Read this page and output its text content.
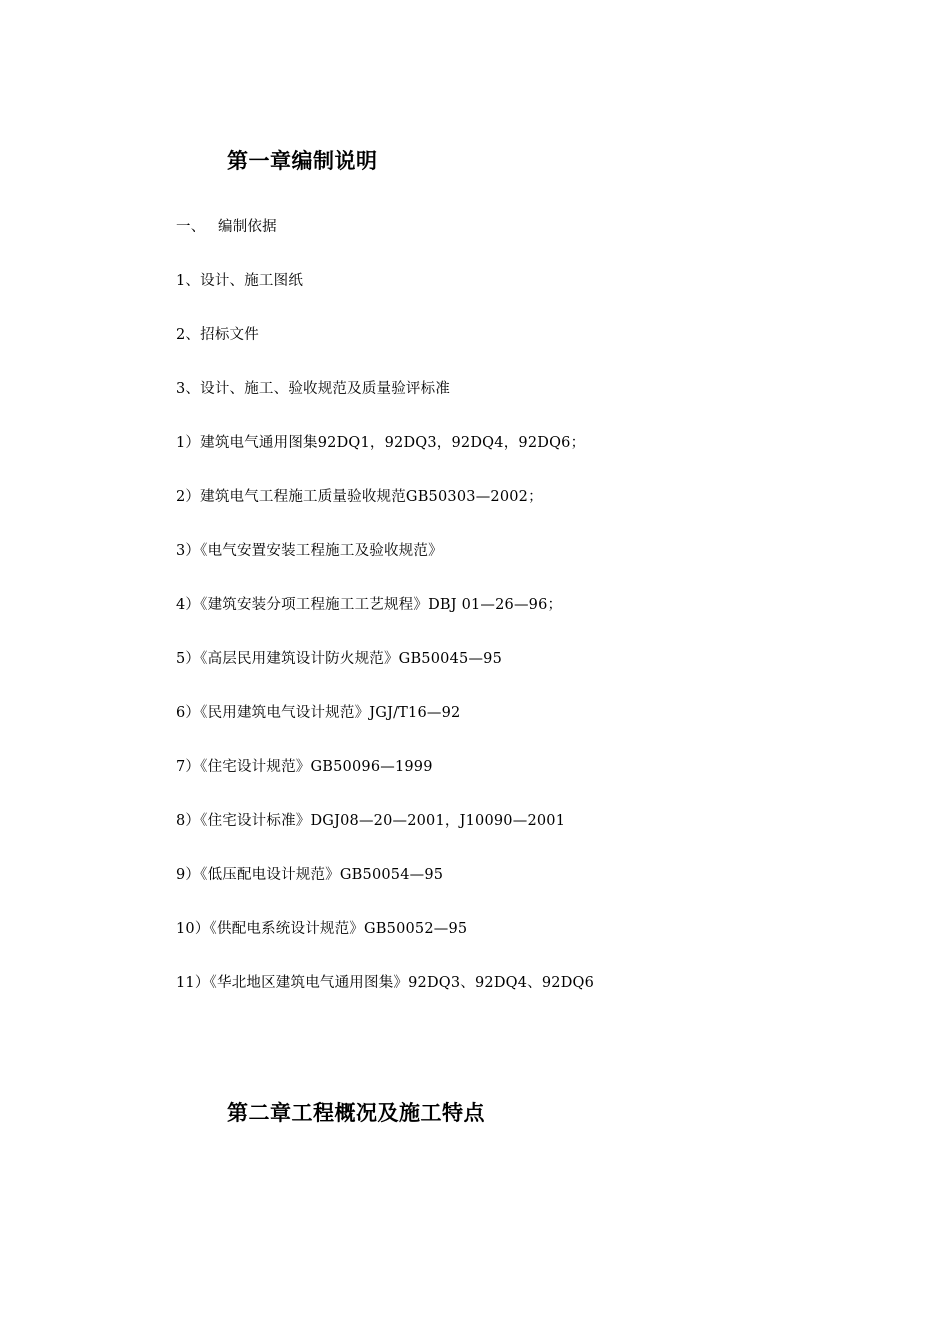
第一章编制说明
一、 编制依据
1、设计、施工图纸
2、招标文件
3、设计、施工、验收规范及质量验评标准
1）建筑电气通用图集92DQ1，92DQ3，92DQ4，92DQ6；
2）建筑电气工程施工质量验收规范GB50303—2002；
3）《电气安置安装工程施工及验收规范》
4）《建筑安装分项工程施工工艺规程》DBJ 01—26—96；
5）《高层民用建筑设计防火规范》GB50045—95
6）《民用建筑电气设计规范》JGJ/T16—92
7）《住宅设计规范》GB50096—1999
8）《住宅设计标准》DGJ08—20—2001，J10090—2001
9）《低压配电设计规范》GB50054—95
10）《供配电系统设计规范》GB50052—95
11）《华北地区建筑电气通用图集》92DQ3、92DQ4、92DQ6
第二章工程概况及施工特点
